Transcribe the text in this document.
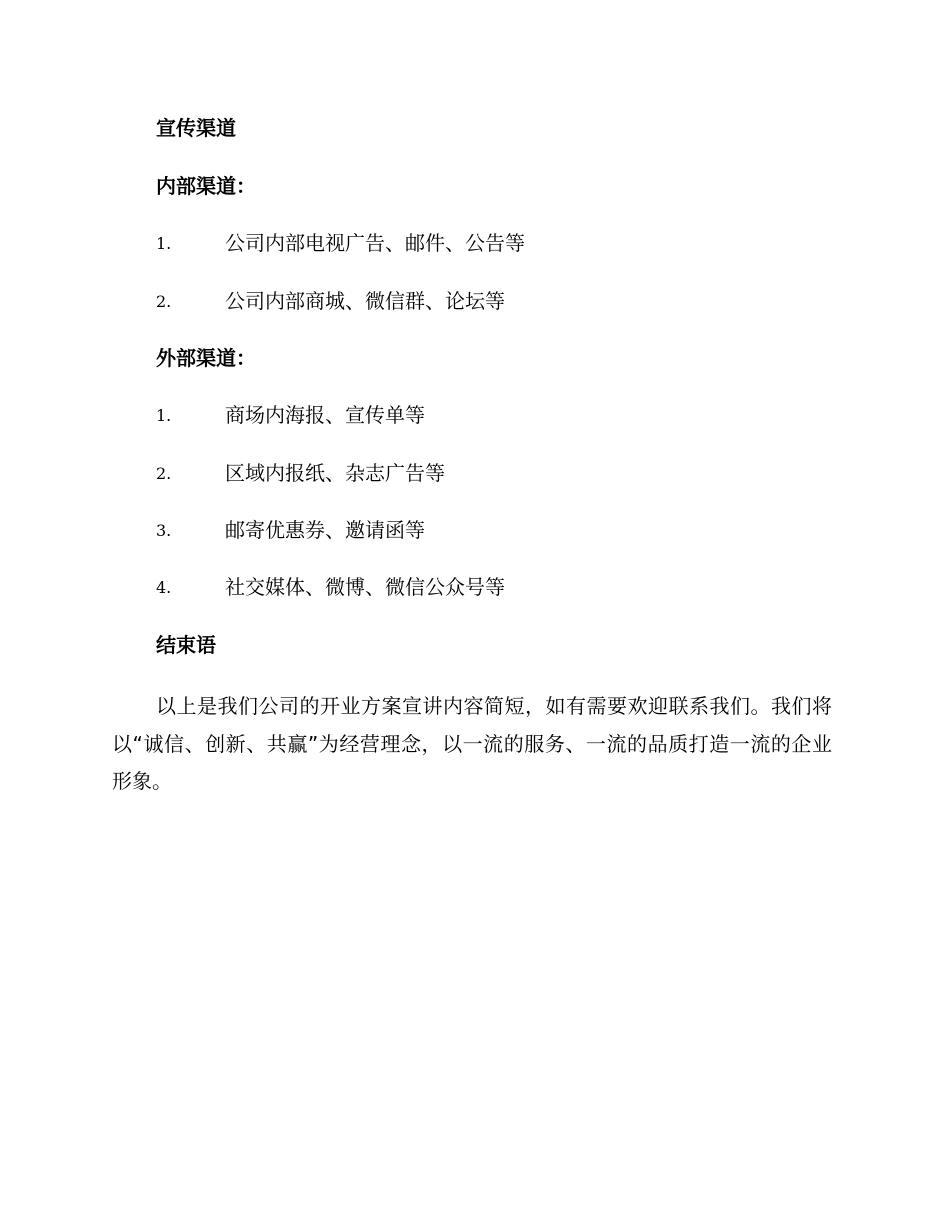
宣传渠道
内部渠道：
1.	公司内部电视广告、邮件、公告等
2.	公司内部商城、微信群、论坛等
外部渠道：
1.	商场内海报、宣传单等
2.	区域内报纸、杂志广告等
3.	邮寄优惠券、邀请函等
4.	社交媒体、微博、微信公众号等
结束语

以上是我们公司的开业方案宣讲内容简短，如有需要欢迎联系我们。我们将以“诚信、创新、共赢”为经营理念，以一流的服务、一流的品质打造一流的企业形象。
